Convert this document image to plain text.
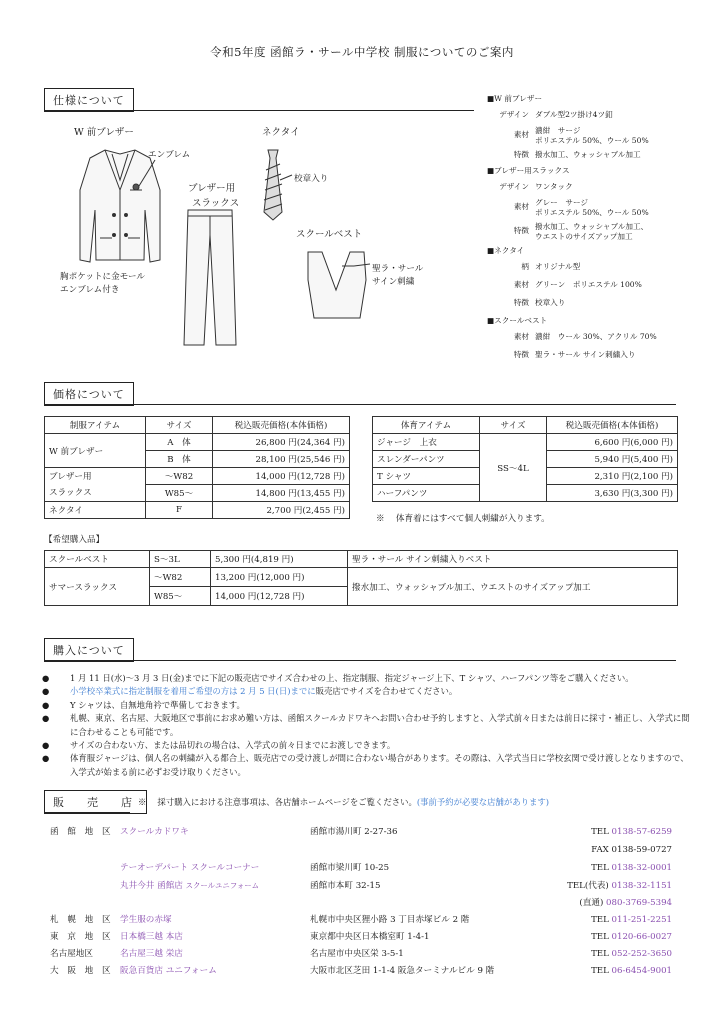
令和5年度 函館ラ・サール中学校 制服についてのご案内
仕様について
W 前ブレザー
エンブレム
胸ポケットに金モール
エンブレム付き
ネクタイ
校章入り
ブレザー用
スラックス
スクールベスト
聖ラ・サール
サイン刺繍
■W 前ブレザー
デザイン ダブル型2ツ掛け4ツ釦
素材 濃紺　サージ
ポリエステル 50%、ウール 50%
特徴 撥水加工、ウォッシャブル加工
■ブレザー用スラックス
デザイン ワンタック
素材 グレー　サージ
ポリエステル 50%、ウール 50%
特徴 撥水加工、ウォッシャブル加工、
ウエストのサイズアップ加工
■ネクタイ
柄 オリジナル型
素材 グリーン　ポリエステル 100%
特徴 校章入り
■スクールベスト
素材 濃紺　ウール 30%、アクリル 70%
特徴 聖ラ・サール サイン刺繍入り
価格について
制服アイテム	サイズ	税込販売価格(本体価格)
W 前ブレザー	A　体	26,800 円(24,364 円)
	B　体	28,100 円(25,546 円)
ブレザー用
スラックス	～W82	14,000 円(12,728 円)
	W85～	14,800 円(13,455 円)
ネクタイ	F	2,700 円(2,455 円)
体育アイテム	サイズ	税込販売価格(本体価格)
ジャージ　上衣	SS～4L	6,600 円(6,000 円)
スレンダーパンツ		5,940 円(5,400 円)
T シャツ		2,310 円(2,100 円)
ハーフパンツ		3,630 円(3,300 円)
※　 体育着にはすべて個人刺繍が入ります。
【希望購入品】
スクールベスト	S～3L	5,300 円(4,819 円)	聖ラ・サール サイン刺繍入りベスト
サマースラックス	～W82	13,200 円(12,000 円)	撥水加工、ウォッシャブル加工、ウエストのサイズアップ加工
	W85～	14,000 円(12,728 円)	
購入について
● 1 月 11 日(水)～3 月 3 日(金)までに下記の販売店でサイズ合わせの上、指定制服、指定ジャージ上下、T シャツ、ハーフパンツ等をご購入ください。
● 小学校卒業式に指定制服を着用ご希望の方は 2 月 5 日(日)までに販売店でサイズを合わせてください。
● Y シャツは、自無地角衿で準備しておきます。
● 札幌、東京、名古屋、大阪地区で事前にお求め難い方は、函館スクールカドワキへお問い合わせ予約しますと、入学式前々日または前日に採寸・補正し、入学式に間に合わせることも可能です。
● サイズの合わない方、または品切れの場合は、入学式の前々日までにお渡しできます。
● 体育服ジャージは、個人名の刺繍が入る都合上、販売店での受け渡しが間に合わない場合があります。その際は、入学式当日に学校玄関で受け渡しとなりますので、入学式が始まる前に必ずお受け取りください。
販　売　店 ※　 採寸購入における注意事項は、各店舗ホームページをご覧ください。(事前予約が必要な店舗があります)
函 館 地 区 スクールカドワキ	函館市湯川町 2-27-36	TEL 0138-57-6259
FAX 0138-59-0727
テーオーデパート スクールコーナー	函館市梁川町 10-25	TEL 0138-32-0001
丸井今井 函館店 スクールユニフォーム	函館市本町 32-15	TEL(代表) 0138-32-1151
(直通) 080-3769-5394
札 幌 地 区 学生服の赤塚	札幌市中央区狸小路 3 丁目赤塚ビル 2 階	TEL 011-251-2251
東 京 地 区 日本橋三越 本店	東京都中央区日本橋室町 1-4-1	TEL 0120-66-0027
名古屋地区	名古屋三越 栄店	名古屋市中央区栄 3-5-1	TEL 052-252-3650
大 阪 地 区 阪急百貨店 ユニフォーム	大阪市北区芝田 1-1-4 阪急ターミナルビル 9 階	TEL 06-6454-9001
